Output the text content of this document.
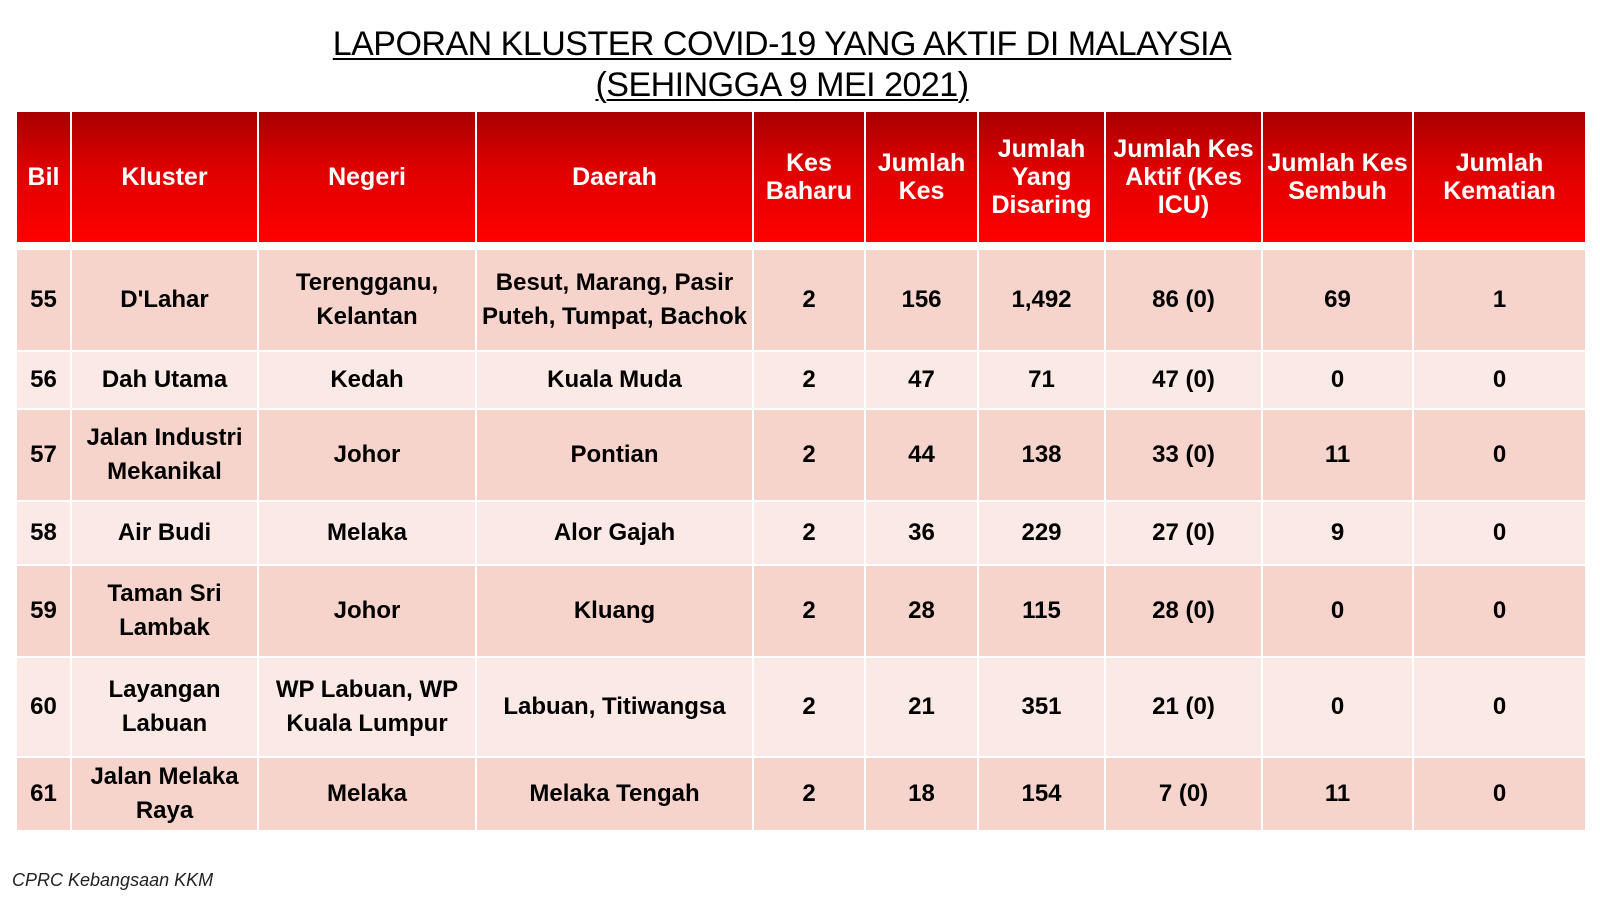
LAPORAN KLUSTER COVID-19 YANG AKTIF DI MALAYSIA
(SEHINGGA 9 MEI 2021)
Bil	Kluster	Negeri	Daerah	Kes Baharu	Jumlah Kes	Jumlah Yang Disaring	Jumlah Kes Aktif (Kes ICU)	Jumlah Kes Sembuh	Jumlah Kematian

55	D'Lahar	Terengganu, Kelantan	Besut, Marang, Pasir Puteh, Tumpat, Bachok	2	156	1,492	86 (0)	69	1
56	Dah Utama	Kedah	Kuala Muda	2	47	71	47 (0)	0	0
57	Jalan Industri Mekanikal	Johor	Pontian	2	44	138	33 (0)	11	0
58	Air Budi	Melaka	Alor Gajah	2	36	229	27 (0)	9	0
59	Taman Sri Lambak	Johor	Kluang	2	28	115	28 (0)	0	0
60	Layangan Labuan	WP Labuan, WP Kuala Lumpur	Labuan, Titiwangsa	2	21	351	21 (0)	0	0
61	Jalan Melaka Raya	Melaka	Melaka Tengah	2	18	154	7 (0)	11	0
CPRC Kebangsaan KKM
